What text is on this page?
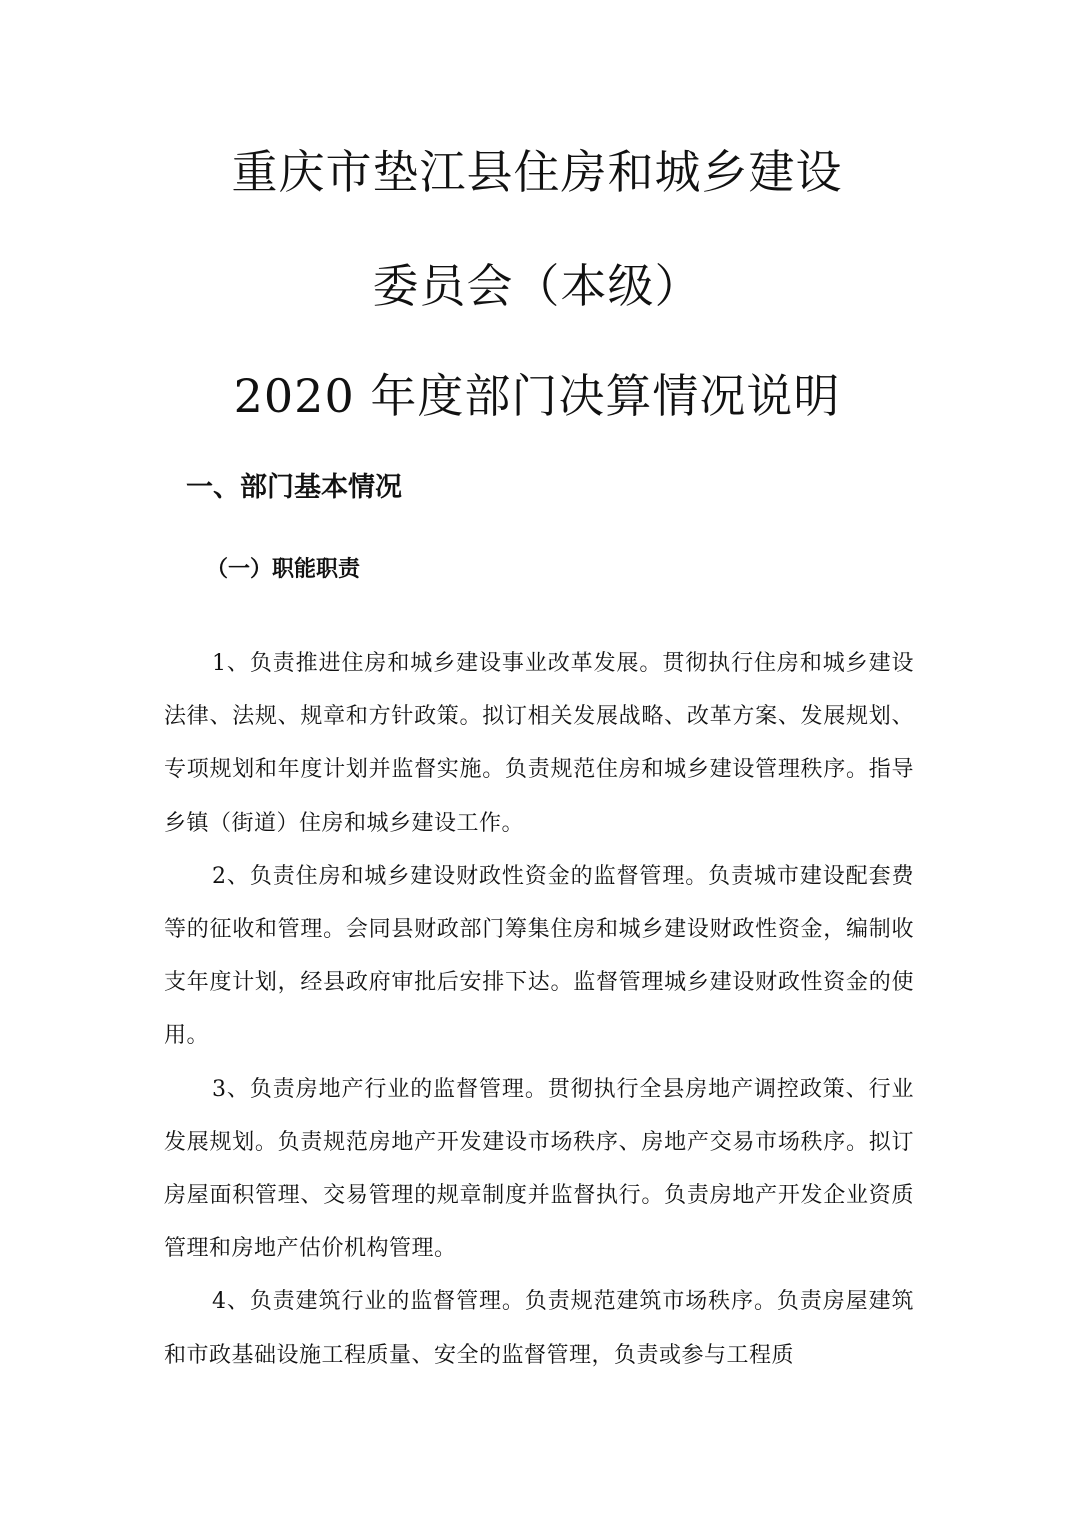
重庆市垫江县住房和城乡建设
委员会（本级）
2020 年度部门决算情况说明
一、部门基本情况
（一）职能职责

1、负责推进住房和城乡建设事业改革发展。贯彻执行住房和城乡建设法律、法规、规章和方针政策。拟订相关发展战略、改革方案、发展规划、专项规划和年度计划并监督实施。负责规范住房和城乡建设管理秩序。指导乡镇（街道）住房和城乡建设工作。

2、负责住房和城乡建设财政性资金的监督管理。负责城市建设配套费等的征收和管理。会同县财政部门筹集住房和城乡建设财政性资金，编制收支年度计划，经县政府审批后安排下达。监督管理城乡建设财政性资金的使用。

3、负责房地产行业的监督管理。贯彻执行全县房地产调控政策、行业发展规划。负责规范房地产开发建设市场秩序、房地产交易市场秩序。拟订房屋面积管理、交易管理的规章制度并监督执行。负责房地产开发企业资质管理和房地产估价机构管理。

4、负责建筑行业的监督管理。负责规范建筑市场秩序。负责房屋建筑和市政基础设施工程质量、安全的监督管理，负责或参与工程质
